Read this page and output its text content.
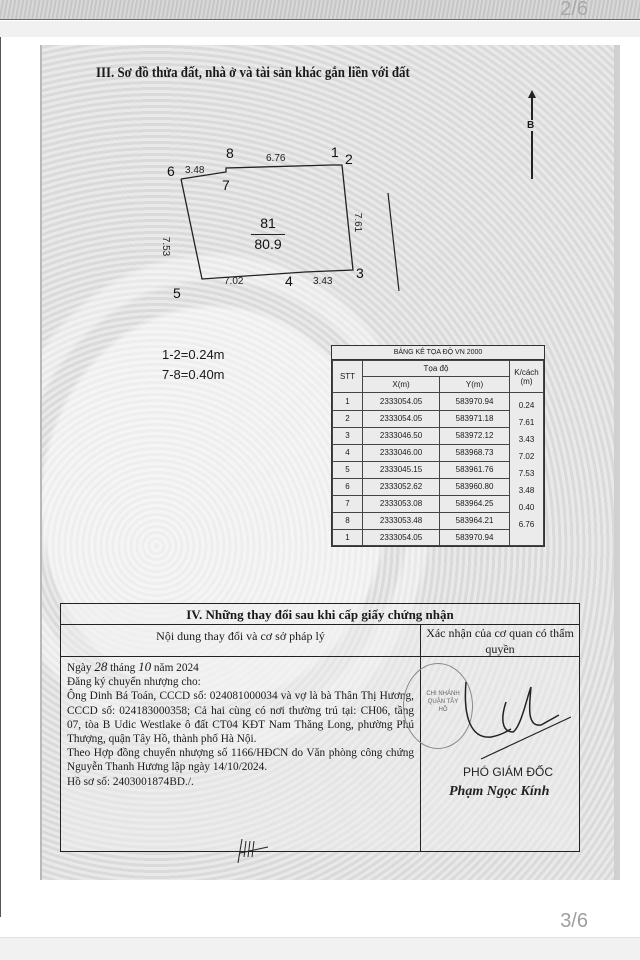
2/6
III. Sơ đồ thửa đất, nhà ở và tài sản khác gắn liền với đất
B
6
8
7
1 2
3
4
5
6.76
3.48
7.61
3.43
7.02
7.53
81
80.9
1-2=0.24m
7-8=0.40m
BẢNG KÊ TỌA ĐỘ VN 2000
STT	Tọa độ		K/cách (m)
	X(m)	Y(m)	
1	2333054.05	583970.94	0.24
2	2333054.05	583971.18	7.61
3	2333046.50	583972.12	3.43
4	2333046.00	583968.73	7.02
5	2333045.15	583961.76	7.53
6	2333052.62	583960.80	3.48
7	2333053.08	583964.25	0.40
8	2333053.48	583964.21	6.76
1	2333054.05	583970.94	
IV. Những thay đổi sau khi cấp giấy chứng nhận
Nội dung thay đổi và cơ sở pháp lý

Ngày 28 tháng 10 năm 2024

Đăng ký chuyển nhượng cho:

Ông Dinh Bá Toán, CCCD số: 024081000034 và vợ là bà Thân Thị Hương, CCCD số: 024183000358; Cả hai cùng có nơi thường trú tại: CH06, tầng 07, tòa B Udic Westlake ô đất CT04 KĐT Nam Thăng Long, phường Phú Thượng, quận Tây Hồ, thành phố Hà Nội.

Theo Hợp đồng chuyển nhượng số 1166/HĐCN do Văn phòng công chứng Nguyễn Thanh Hương lập ngày 14/10/2024.

Hồ sơ số: 2403001874BD./.

Xác nhận của cơ quan có thẩm quyền
CHI NHÁNH QUẬN TÂY HỒ
PHÓ GIÁM ĐỐC
Phạm Ngọc Kính
3/6
